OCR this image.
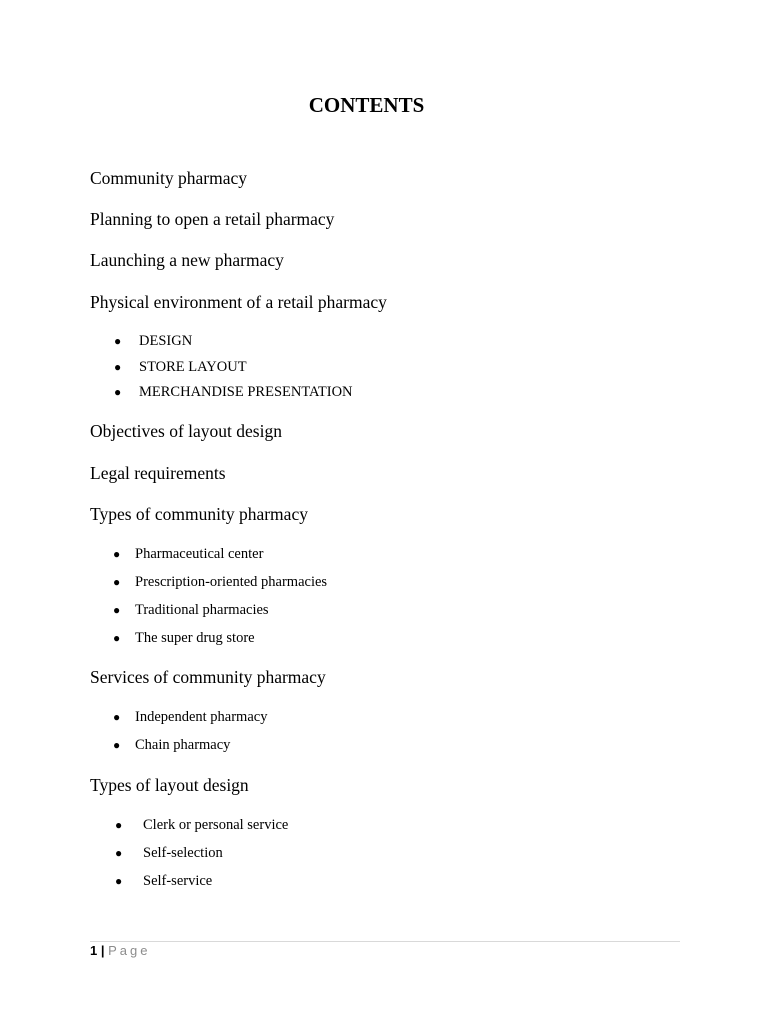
CONTENTS
Community pharmacy
Planning to open a retail pharmacy
Launching a new pharmacy
Physical environment of a retail pharmacy
● DESIGN
● STORE LAYOUT
● MERCHANDISE PRESENTATION
Objectives of layout design
Legal requirements
Types of community pharmacy
● Pharmaceutical center
● Prescription-oriented pharmacies
● Traditional pharmacies
● The super drug store
Services of community pharmacy
● Independent pharmacy
● Chain pharmacy
Types of layout design
● Clerk or personal service
● Self-selection
● Self-service
1 | Page
